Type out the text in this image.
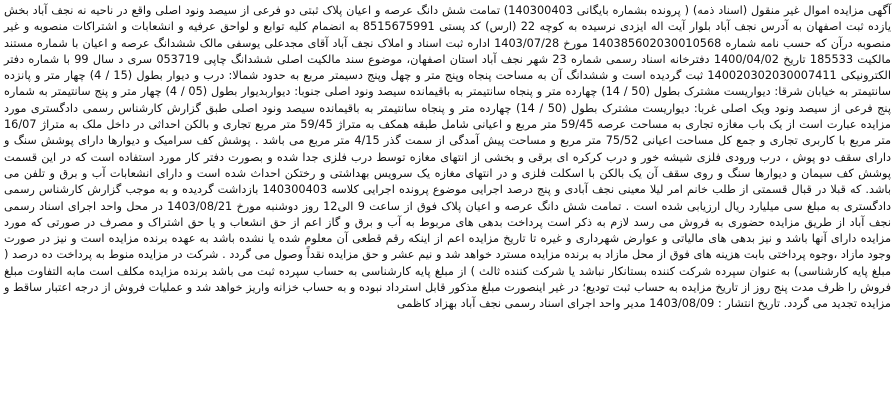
آگهی مزایده اموال غیر منقول (اسناد ذمه) ( پرونده بشماره بایگانی 140300403) تمامت شش دانگ عرصه و اعیان پلاک ثبتی دو فرعی از سیصد ونود اصلی واقع در ناحیه نه نجف آباد بخش یازده ثبت اصفهان به آدرس نجف آباد بلوار آیت اله ایزدی نرسیده به کوچه 22 (ارس) کد پستی 8515675991 به انضمام کلیه توابع و لواحق عرفیه و انشعابات و اشتراکات منصوبه و غیر منصوبه درآن که حسب نامه شماره 140385602030010568 مورخ 1403/07/28 اداره ثبت اسناد و املاک نجف آباد آقای مجدعلی یوسفی مالک ششدانگ عرصه و اعیان با شماره مستند مالکیت 185533 تاریخ 1400/04/02 دفترخانه اسناد رسمی شماره 23 شهر نجف آباد استان اصفهان، موضوع سند مالکیت اصلی ششدانگ چاپی 053719 سری د سال 99 با شماره دفتر الکترونیکی 140020302030007411 ثبت گردیده است و ششدانگ آن به مساحت پنجاه وپنج متر و چهل وپنج دسیمتر مربع به حدود شمالا: درب و دیوار بطول (15 / 4) چهار متر و پانزده سانتیمتر به خیابان شرقا: دیواریست مشترک بطول (50 / 14) چهارده متر و پنجاه سانتیمتر به باقیمانده سیصد ونود اصلی جنوبا: دیواربدیوار بطول (05 / 4) چهار متر و پنج سانتیمتر به شماره پنج فرعی از سیصد ونود ویک اصلی غربا: دیواریست مشترک بطول (50 / 14) چهارده متر و پنجاه سانتیمتر به باقیمانده سیصد ونود اصلی طبق گزارش کارشناس رسمی دادگستری مورد مزایده عبارت است از یک باب مغازه تجاری به مساحت عرصه 59/45 متر مربع و اعیانی شامل طبقه همکف به متراژ 59/45 متر مربع تجاری و بالکن احداثی در داخل ملک به متراژ 16/07 متر مربع با کاربری تجاری و جمع کل مساحت اعیانی 75/52 متر مربع و مساحت پیش آمدگی از سمت گذر 4/15 متر مربع می باشد . پوشش کف سرامیک و دیوارها دارای پوشش سنگ و دارای سقف دو پوش ، درب ورودی فلزی شیشه خور و درب کرکره ای برقی و بخشی از انتهای مغازه توسط درب فلزی جدا شده و بصورت دفتر کار مورد استفاده است که در این قسمت پوشش کف سیمان و دیوارها سنگ و روی سقف آن یک بالکن با اسکلت فلزی و در انتهای مغازه یک سرویس بهداشتی و رختکن احداث شده است و دارای انشعابات آب و برق و تلفن می باشد. که قبلا در قبال قسمتی از طلب خانم امر لیلا معینی نجف آبادی و پنج درصد اجرایی موضوع پرونده اجرایی کلاسه 140300403 بازداشت گردیده و به موجب گزارش کارشناس رسمی دادگستری به مبلغ سی میلیارد ریال ارزیابی شده است . تمامت شش دانگ عرصه و اعیان پلاک فوق از ساعت 9 الی12 روز دوشنبه مورخ 1403/08/21 در محل واحد اجرای اسناد رسمی نجف آباد از طریق مزایده حضوری به فروش می رسد لازم به ذکر است پرداخت بدهی های مربوط به آب و برق و گاز اعم از حق انشعاب و یا حق اشتراک و مصرف در صورتی که مورد مزایده دارای آنها باشد و نیز بدهی های مالیاتی و عوارض شهرداری و غیره تا تاریخ مزایده اعم از اینکه رقم قطعی آن معلوم شده یا نشده باشد به عهده برنده مزایده است و نیز در صورت وجود مازاد ،وجوه پرداختی بابت هزینه های فوق از محل مازاد به برنده مزایده مسترد خواهد شد و نیم عشر و حق مزایده نقداً وصول می گردد . شرکت در مزایده منوط به پرداخت ده درصد ( مبلغ پایه کارشناسی) به عنوان سپرده شرکت کننده بستانکار نباشد یا شرکت کننده ثالث ) از مبلغ پایه کارشناسی به حساب سپرده ثبت می باشد برنده مزایده مکلف است مابه التفاوت مبلغ فروش را ظرف مدت پنج روز از تاریخ مزایده به حساب ثبت تودیع؛ در غیر اینصورت مبلغ مذکور قابل استرداد نبوده و به حساب خزانه واریز خواهد شد و عملیات فروش از درجه اعتبار ساقط و مزایده تجدید می گردد. تاریخ انتشار : 1403/08/09 مدیر واحد اجرای اسناد رسمی نجف آباد بهزاد کاظمی
